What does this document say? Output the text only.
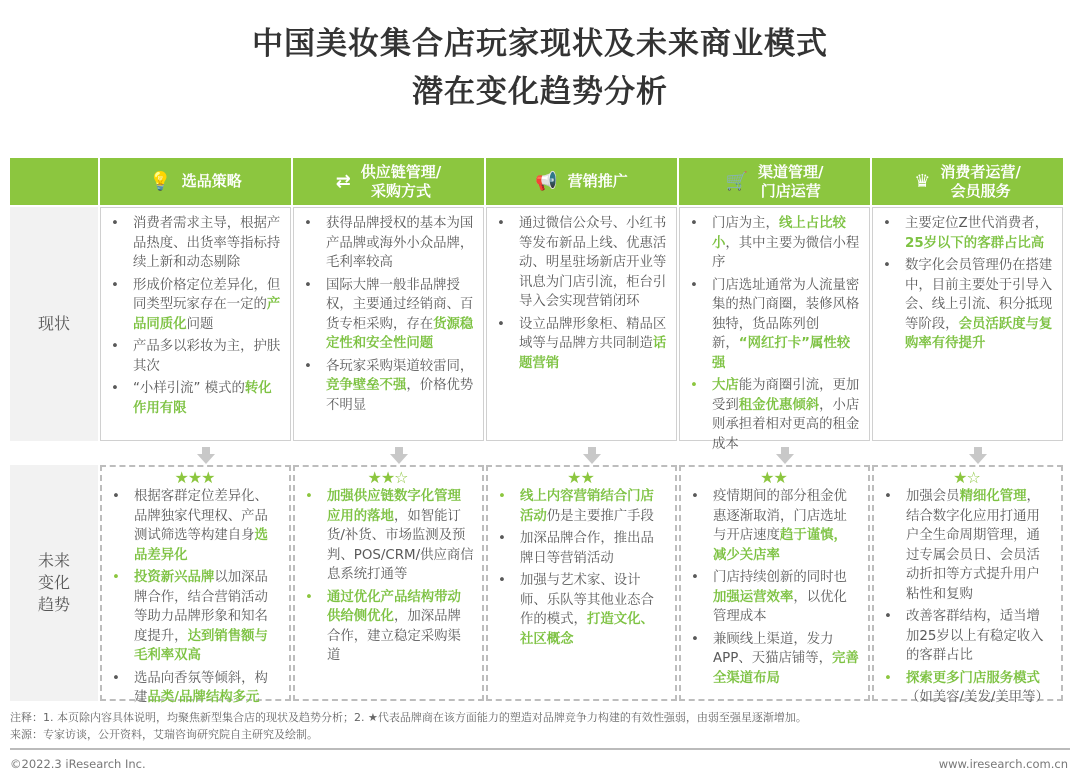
中国美妆集合店玩家现状及未来商业模式
潜在变化趋势分析
现状
未来
变化
趋势
💡 选品策略
• 消费者需求主导，根据产品热度、出货率等指标持续上新和动态剔除
• 形成价格定位差异化，但同类型玩家存在一定的产品同质化问题
• 产品多以彩妆为主，护肤其次
• “小样引流” 模式的转化作用有限
★★★
• 根据客群定位差异化、品牌独家代理权、产品测试筛选等构建自身选品差异化
• 投资新兴品牌以加深品牌合作，结合营销活动等助力品牌形象和知名度提升，达到销售额与毛利率双高
• 选品向香氛等倾斜，构建品类/品牌结构多元
⇄ 供应链管理/
采购方式
• 获得品牌授权的基本为国产品牌或海外小众品牌，毛利率较高
• 国际大牌一般非品牌授权，主要通过经销商、百货专柜采购，存在货源稳定性和安全性问题
• 各玩家采购渠道较雷同，竞争壁垒不强，价格优势不明显
★★☆
• 加强供应链数字化管理应用的落地，如智能订货/补货、市场监测及预判、POS/CRM/供应商信息系统打通等
• 通过优化产品结构带动供给侧优化，加深品牌合作，建立稳定采购渠道
📢 营销推广
• 通过微信公众号、小红书等发布新品上线、优惠活动、明星驻场新店开业等讯息为门店引流，柜台引导入会实现营销闭环
• 设立品牌形象柜、精品区域等与品牌方共同制造话题营销
★★
• 线上内容营销结合门店活动仍是主要推广手段
• 加深品牌合作，推出品牌日等营销活动
• 加强与艺术家、设计师、乐队等其他业态合作的模式，打造文化、社区概念
🛒 渠道管理/
门店运营
• 门店为主，线上占比较小，其中主要为微信小程序
• 门店选址通常为人流量密集的热门商圈，装修风格独特，货品陈列创新，“网红打卡”属性较强
• 大店能为商圈引流，更加受到租金优惠倾斜，小店则承担着相对更高的租金成本
★★
• 疫情期间的部分租金优惠逐渐取消，门店选址与开店速度趋于谨慎，减少关店率
• 门店持续创新的同时也加强运营效率，以优化管理成本
• 兼顾线上渠道，发力APP、天猫店铺等，完善全渠道布局
♛ 消费者运营/
会员服务
• 主要定位Z世代消费者，25岁以下的客群占比高
• 数字化会员管理仍在搭建中，目前主要处于引导入会、线上引流、积分抵现等阶段，会员活跃度与复购率有待提升
★☆
• 加强会员精细化管理，结合数字化应用打通用户全生命周期管理，通过专属会员日、会员活动折扣等方式提升用户粘性和复购
• 改善客群结构，适当增加25岁以上有稳定收入的客群占比
• 探索更多门店服务模式（如美容/美发/美甲等）
注释：1. 本页除内容具体说明，均聚焦新型集合店的现状及趋势分析；2. ★代表品牌商在该方面能力的塑造对品牌竞争力构建的有效性强弱，由弱至强星逐渐增加。
来源：专家访谈，公开资料，艾瑞咨询研究院自主研究及绘制。
©2022.3 iResearch Inc.	www.iresearch.com.cn
